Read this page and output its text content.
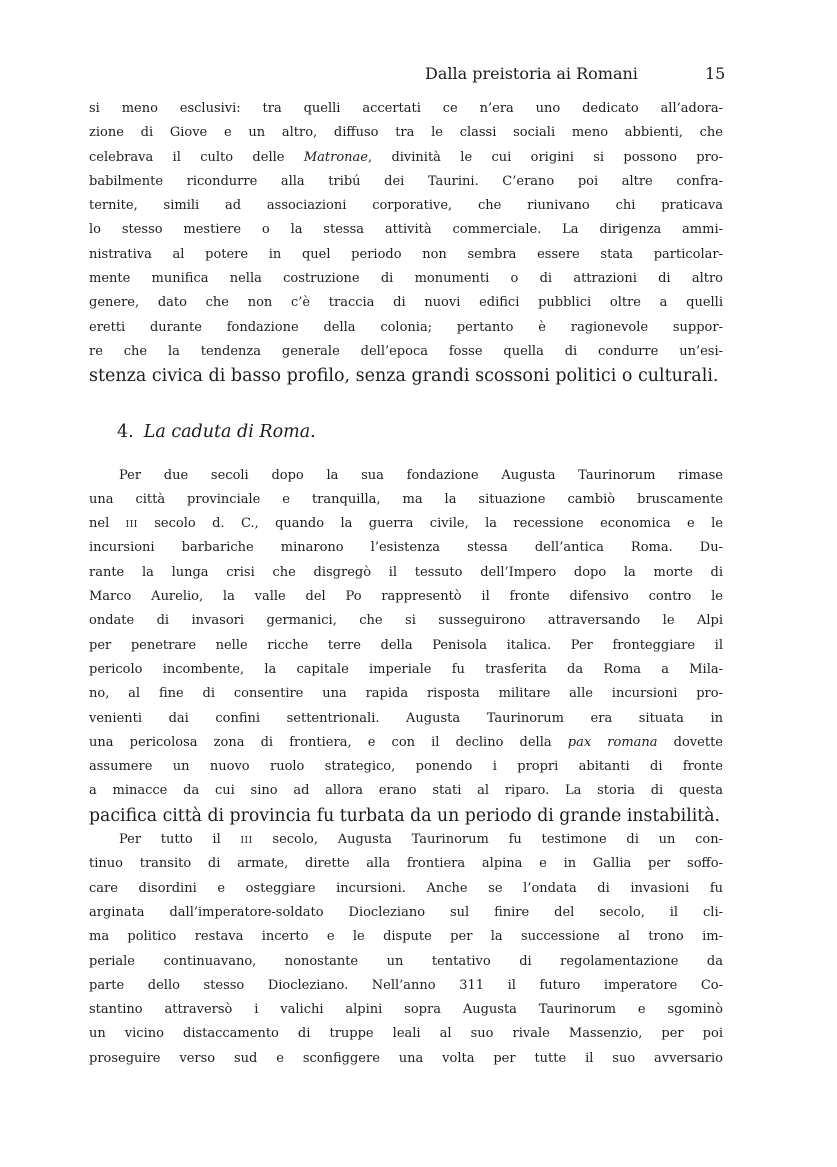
Dalla preistoria ai Romani	15
si meno esclusivi: tra quelli accertati ce n’era uno dedicato all’adora-
zione di Giove e un altro, diffuso tra le classi sociali meno abbienti, che
celebrava il culto delle Matronae, divinità le cui origini si possono pro-
babilmente ricondurre alla tribú dei Taurini. C’erano poi altre confra-
ternite, simili ad associazioni corporative, che riunivano chi praticava
lo stesso mestiere o la stessa attività commerciale. La dirigenza ammi-
nistrativa al potere in quel periodo non sembra essere stata particolar-
mente munifica nella costruzione di monumenti o di attrazioni di altro
genere, dato che non c’è traccia di nuovi edifici pubblici oltre a quelli
eretti durante fondazione della colonia; pertanto è ragionevole suppor-
re che la tendenza generale dell’epoca fosse quella di condurre un’esi-
stenza civica di basso profilo, senza grandi scossoni politici o culturali.
4. La caduta di Roma.
Per due secoli dopo la sua fondazione Augusta Taurinorum rimase
una città provinciale e tranquilla, ma la situazione cambiò bruscamente
nel iii secolo d. C., quando la guerra civile, la recessione economica e le
incursioni barbariche minarono l’esistenza stessa dell’antica Roma. Du-
rante la lunga crisi che disgregò il tessuto dell’Impero dopo la morte di
Marco Aurelio, la valle del Po rappresentò il fronte difensivo contro le
ondate di invasori germanici, che si susseguirono attraversando le Alpi
per penetrare nelle ricche terre della Penisola italica. Per fronteggiare il
pericolo incombente, la capitale imperiale fu trasferita da Roma a Mila-
no, al fine di consentire una rapida risposta militare alle incursioni pro-
venienti dai confini settentrionali. Augusta Taurinorum era situata in
una pericolosa zona di frontiera, e con il declino della pax romana dovette
assumere un nuovo ruolo strategico, ponendo i propri abitanti di fronte
a minacce da cui sino ad allora erano stati al riparo. La storia di questa
pacifica città di provincia fu turbata da un periodo di grande instabilità.
Per tutto il iii secolo, Augusta Taurinorum fu testimone di un con-
tinuo transito di armate, dirette alla frontiera alpina e in Gallia per soffo-
care disordini e osteggiare incursioni. Anche se l’ondata di invasioni fu
arginata dall’imperatore-soldato Diocleziano sul finire del secolo, il cli-
ma politico restava incerto e le dispute per la successione al trono im-
periale continuavano, nonostante un tentativo di regolamentazione da
parte dello stesso Diocleziano. Nell’anno 311 il futuro imperatore Co-
stantino attraversò i valichi alpini sopra Augusta Taurinorum e sgominò
un vicino distaccamento di truppe leali al suo rivale Massenzio, per poi
proseguire verso sud e sconfiggere una volta per tutte il suo avversario
